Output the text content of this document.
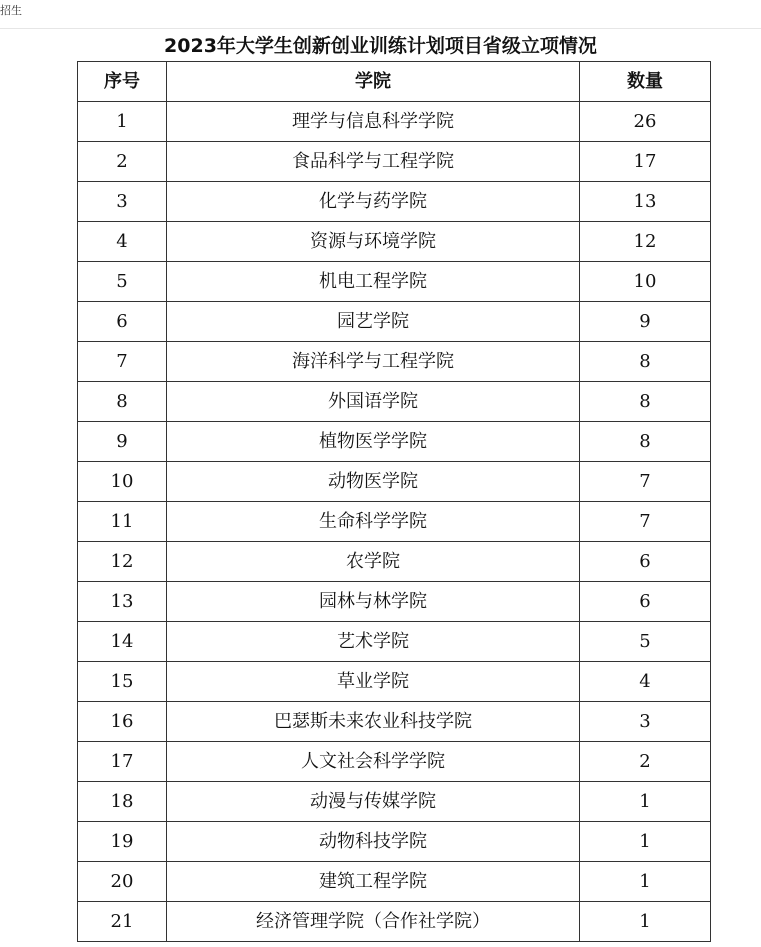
招生
2023年大学生创新创业训练计划项目省级立项情况
序号	学院	数量
1	理学与信息科学学院	26
2	食品科学与工程学院	17
3	化学与药学院	13
4	资源与环境学院	12
5	机电工程学院	10
6	园艺学院	9
7	海洋科学与工程学院	8
8	外国语学院	8
9	植物医学学院	8
10	动物医学院	7
11	生命科学学院	7
12	农学院	6
13	园林与林学院	6
14	艺术学院	5
15	草业学院	4
16	巴瑟斯未来农业科技学院	3
17	人文社会科学学院	2
18	动漫与传媒学院	1
19	动物科技学院	1
20	建筑工程学院	1
21	经济管理学院（合作社学院）	1
